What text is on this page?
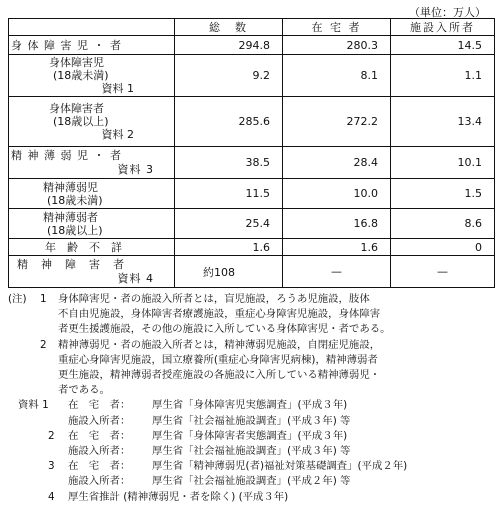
（単位：万人）
	総　数	在 宅 者	施設入所者
身 体 障 害 児 ・ 者	294.8	280.3	14.5

身体障害児
(18歳未満)
資料 1	9.2	8.1	1.1

身体障害者
(18歳以上)
資料 2	285.6	272.2	13.4

精 神 薄 弱 児 ・ 者
資料 3	38.5	28.4	10.1

精神薄弱児
(18歳未満)	11.5	10.0	1.5

精神薄弱者
(18歳以上)	25.4	16.8	8.6
年　齢　不　詳	1.6	1.6	0

精　神　障　害　者
資料 4	約108	—	—
(注)	1	身体障害児・者の施設入所者とは，盲児施設，ろうあ児施設，肢体
不自由児施設，身体障害者療護施設，重症心身障害児施設，身体障害
者更生援護施設，その他の施設に入所している身体障害児・者である。
2	精神薄弱児・者の施設入所者とは，精神薄弱児施設，自閉症児施設，
重症心身障害児施設，国立療養所(重症心身障害児病棟)，精神薄弱者
更生施設，精神薄弱者授産施設の各施設に入所している精神薄弱児・
者である。
資料 1	在　宅　者：	厚生省「身体障害児実態調査」(平成３年)
施設入所者：	厚生省「社会福祉施設調査」(平成３年) 等
2	在　宅　者：	厚生省「身体障害者実態調査」(平成３年)
施設入所者：	厚生省「社会福祉施設調査」(平成３年) 等
3	在　宅　者：	厚生省「精神薄弱児(者)福祉対策基礎調査」(平成２年)
施設入所者：	厚生省「社会福祉施設調査」(平成２年) 等
4	厚生省推計 (精神薄弱児・者を除く) (平成３年)
